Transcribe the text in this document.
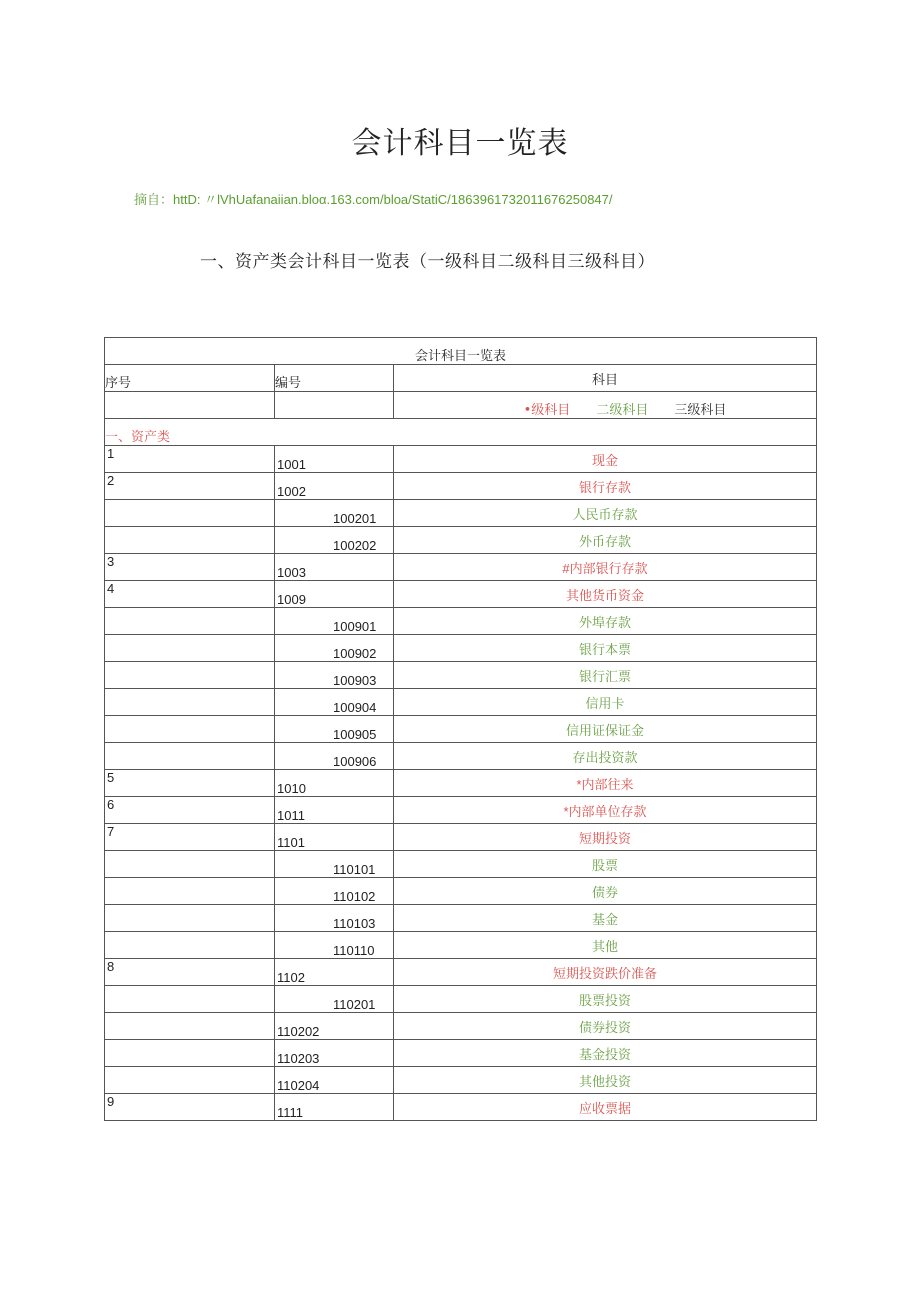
会计科目一览表
摘自：httD: 〃lVhUafanaiian.bloα.163.com/bloa/StatiC/1863961732011676250847/
一、资产类会计科目一览表（一级科目二级科目三级科目）
会计科目一览表		
序号	编号	科目

		•级科目 二级科目 三级科目

一、资产类		
1	1001	现金
2	1002	银行存款
	100201	人民币存款
	100202	外币存款
3	1003	#内部银行存款
4	1009	其他货币资金
	100901	外埠存款
	100902	银行本票
	100903	银行汇票
	100904	信用卡
	100905	信用证保证金
	100906	存出投资款
5	1010	*内部往来
6	1011	*内部单位存款
7	1101	短期投资
	110101	股票
	110102	债券
	110103	基金
	110110	其他
8	1102	短期投资跌价准备
	110201	股票投资
	110202	债券投资
	110203	基金投资
	110204	其他投资
9	1111	应收票据
